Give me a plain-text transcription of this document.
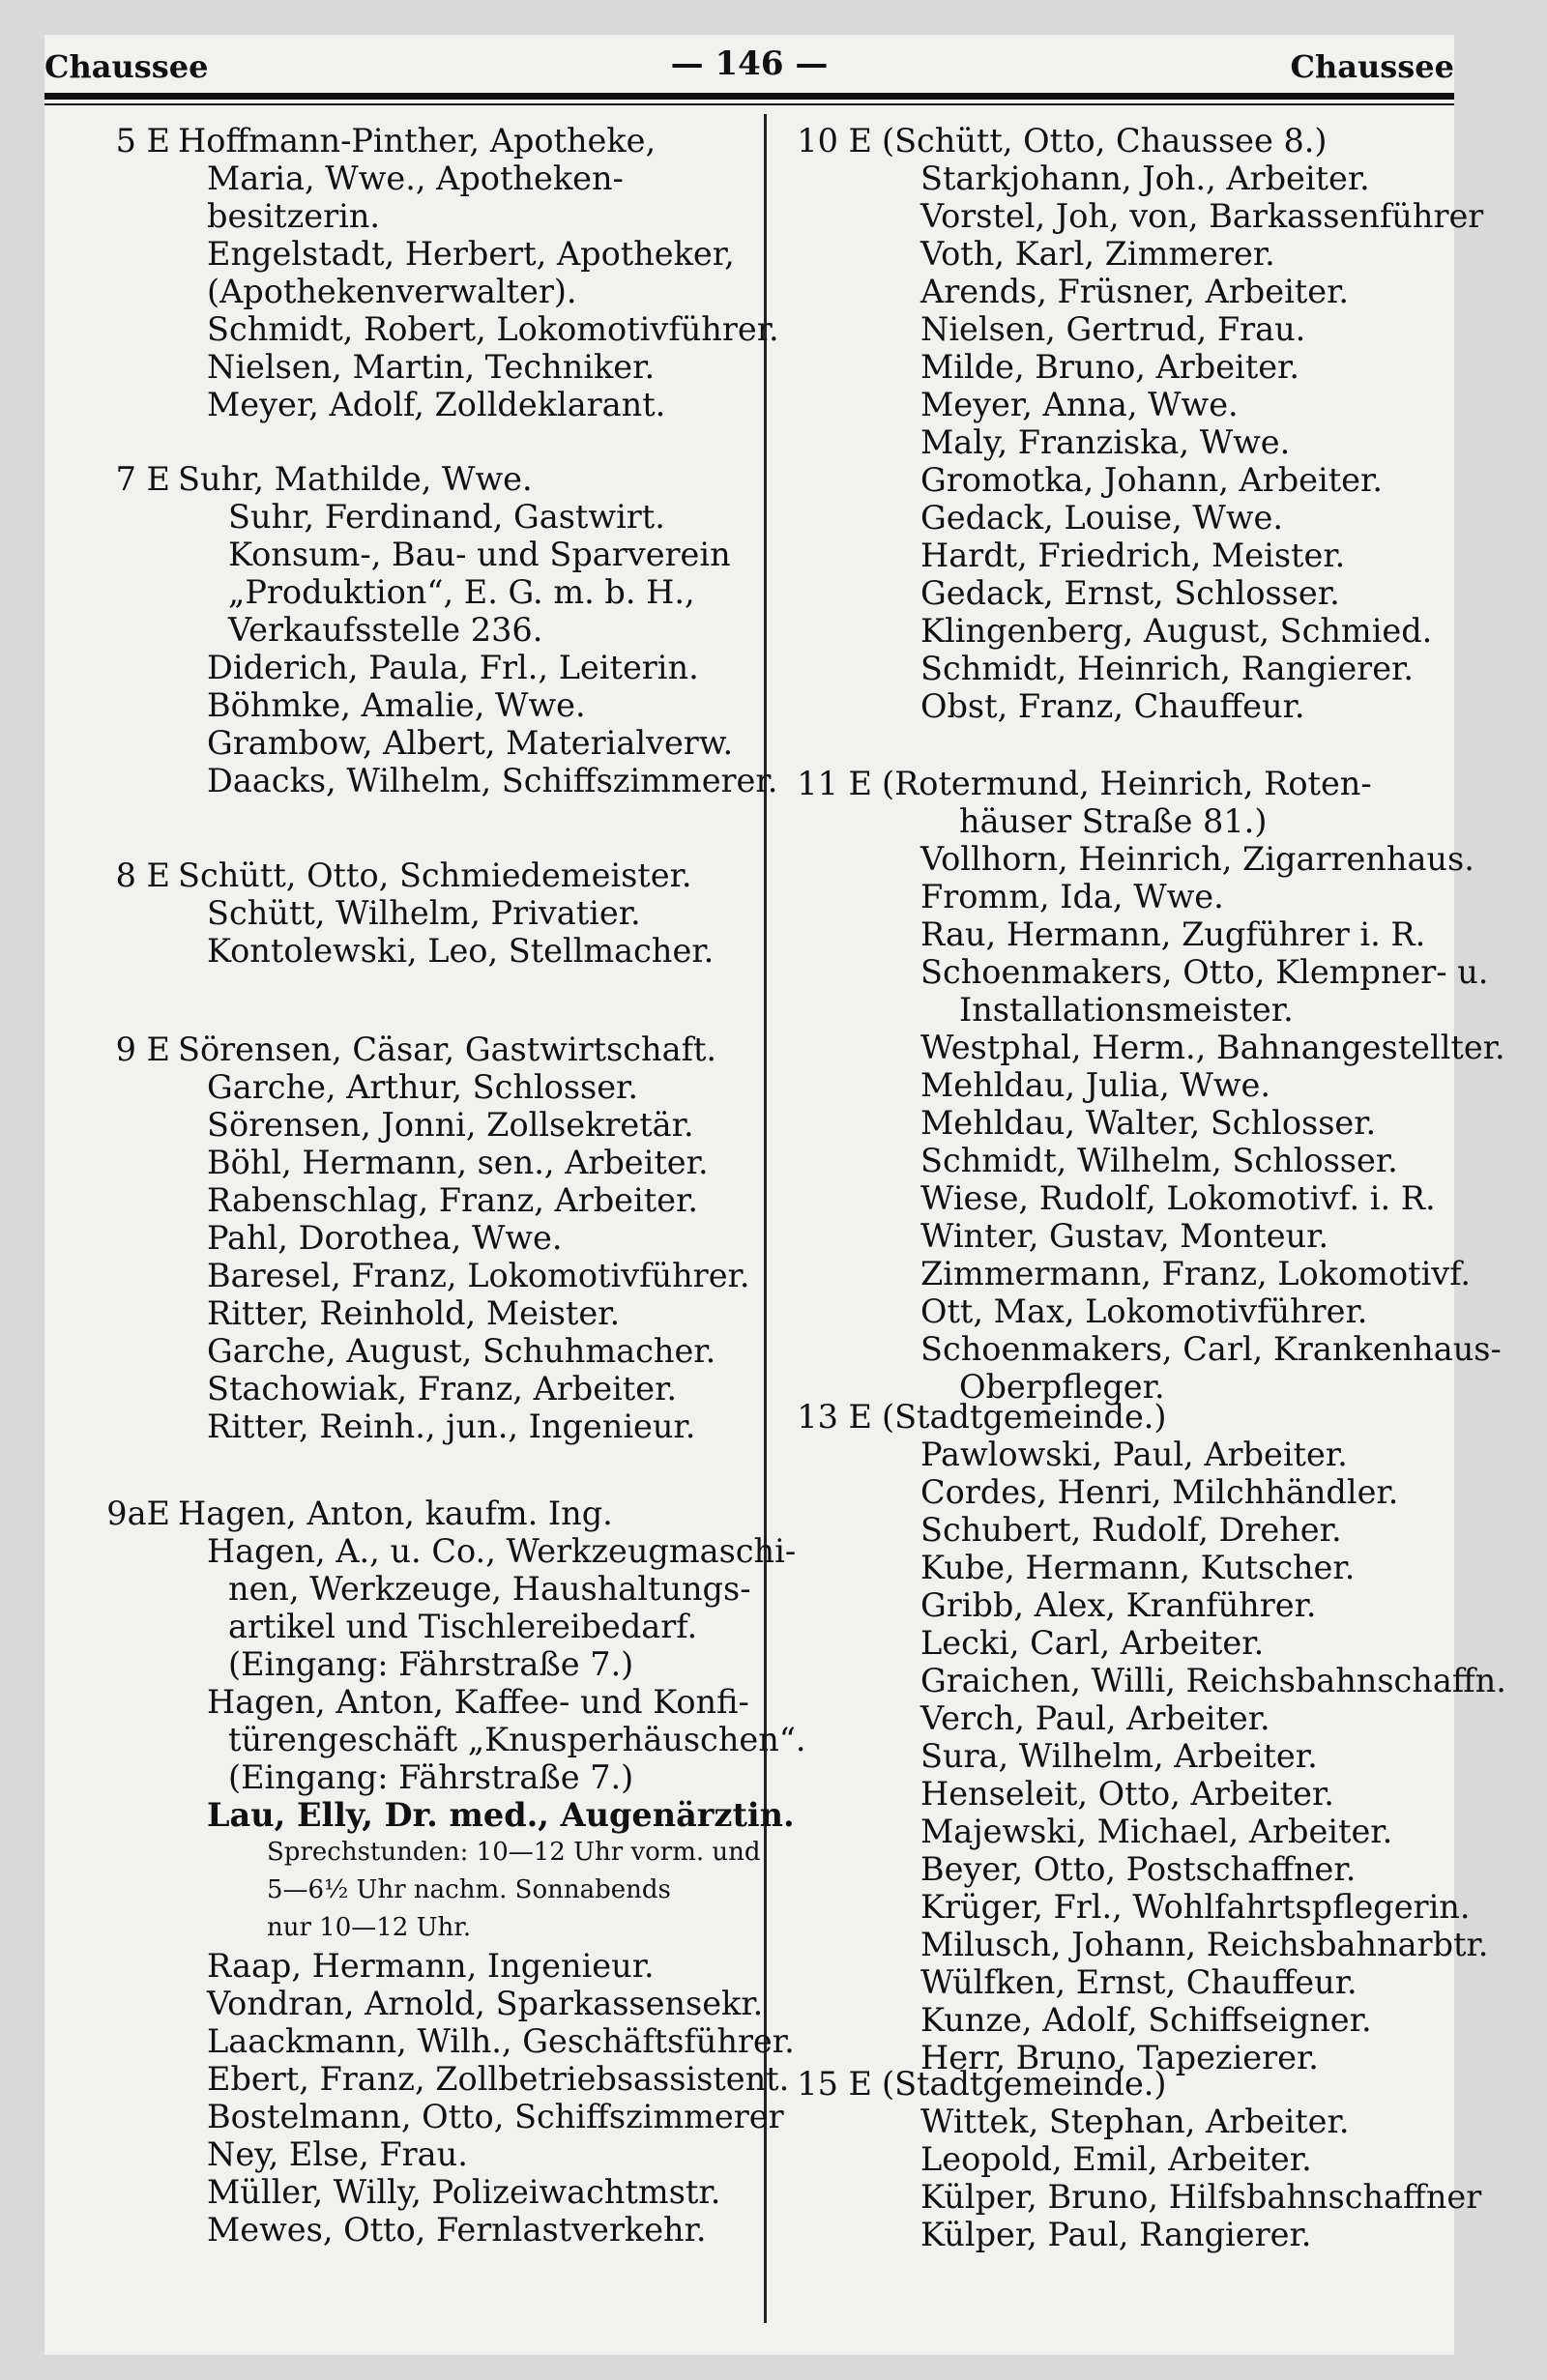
Chaussee	— 146 —	Chaussee
5 E Hoffmann-Pinther, Apotheke,
Maria, Wwe., Apotheken-
besitzerin.
Engelstadt, Herbert, Apotheker,
(Apothekenverwalter).
Schmidt, Robert, Lokomotivführer.
Nielsen, Martin, Techniker.
Meyer, Adolf, Zolldeklarant.
7 E Suhr, Mathilde, Wwe.
Suhr, Ferdinand, Gastwirt.
Konsum-, Bau- und Sparverein
„Produktion“, E. G. m. b. H.,
Verkaufsstelle 236.
Diderich, Paula, Frl., Leiterin.
Böhmke, Amalie, Wwe.
Grambow, Albert, Materialverw.
Daacks, Wilhelm, Schiffszimmerer.
8 E Schütt, Otto, Schmiedemeister.
Schütt, Wilhelm, Privatier.
Kontolewski, Leo, Stellmacher.
9 E Sörensen, Cäsar, Gastwirtschaft.
Garche, Arthur, Schlosser.
Sörensen, Jonni, Zollsekretär.
Böhl, Hermann, sen., Arbeiter.
Rabenschlag, Franz, Arbeiter.
Pahl, Dorothea, Wwe.
Baresel, Franz, Lokomotivführer.
Ritter, Reinhold, Meister.
Garche, August, Schuhmacher.
Stachowiak, Franz, Arbeiter.
Ritter, Reinh., jun., Ingenieur.
9aE Hagen, Anton, kaufm. Ing.
Hagen, A., u. Co., Werkzeugmaschi-
nen, Werkzeuge, Haushaltungs-
artikel und Tischlereibedarf.
(Eingang: Fährstraße 7.)
Hagen, Anton, Kaffee- und Konfi-
türengeschäft „Knusperhäuschen“.
(Eingang: Fährstraße 7.)
Lau, Elly, Dr. med., Augenärztin.
Sprechstunden: 10—12 Uhr vorm. und
5—6½ Uhr nachm. Sonnabends
nur 10—12 Uhr.
Raap, Hermann, Ingenieur.
Vondran, Arnold, Sparkassensekr.
Laackmann, Wilh., Geschäftsführer.
Ebert, Franz, Zollbetriebsassistent.
Bostelmann, Otto, Schiffszimmerer
Ney, Else, Frau.
Müller, Willy, Polizeiwachtmstr.
Mewes, Otto, Fernlastverkehr.
10 E (Schütt, Otto, Chaussee 8.)
Starkjohann, Joh., Arbeiter.
Vorstel, Joh, von, Barkassenführer
Voth, Karl, Zimmerer.
Arends, Früsner, Arbeiter.
Nielsen, Gertrud, Frau.
Milde, Bruno, Arbeiter.
Meyer, Anna, Wwe.
Maly, Franziska, Wwe.
Gromotka, Johann, Arbeiter.
Gedack, Louise, Wwe.
Hardt, Friedrich, Meister.
Gedack, Ernst, Schlosser.
Klingenberg, August, Schmied.
Schmidt, Heinrich, Rangierer.
Obst, Franz, Chauffeur.
11 E (Rotermund, Heinrich, Roten-
häuser Straße 81.)
Vollhorn, Heinrich, Zigarrenhaus.
Fromm, Ida, Wwe.
Rau, Hermann, Zugführer i. R.
Schoenmakers, Otto, Klempner- u.
Installationsmeister.
Westphal, Herm., Bahnangestellter.
Mehldau, Julia, Wwe.
Mehldau, Walter, Schlosser.
Schmidt, Wilhelm, Schlosser.
Wiese, Rudolf, Lokomotivf. i. R.
Winter, Gustav, Monteur.
Zimmermann, Franz, Lokomotivf.
Ott, Max, Lokomotivführer.
Schoenmakers, Carl, Krankenhaus-
Oberpfleger.
13 E (Stadtgemeinde.)
Pawlowski, Paul, Arbeiter.
Cordes, Henri, Milchhändler.
Schubert, Rudolf, Dreher.
Kube, Hermann, Kutscher.
Gribb, Alex, Kranführer.
Lecki, Carl, Arbeiter.
Graichen, Willi, Reichsbahnschaffn.
Verch, Paul, Arbeiter.
Sura, Wilhelm, Arbeiter.
Henseleit, Otto, Arbeiter.
Majewski, Michael, Arbeiter.
Beyer, Otto, Postschaffner.
Krüger, Frl., Wohlfahrtspflegerin.
Milusch, Johann, Reichsbahnarbtr.
Wülfken, Ernst, Chauffeur.
Kunze, Adolf, Schiffseigner.
Herr, Bruno, Tapezierer.
15 E (Stadtgemeinde.)
Wittek, Stephan, Arbeiter.
Leopold, Emil, Arbeiter.
Külper, Bruno, Hilfsbahnschaffner
Külper, Paul, Rangierer.
